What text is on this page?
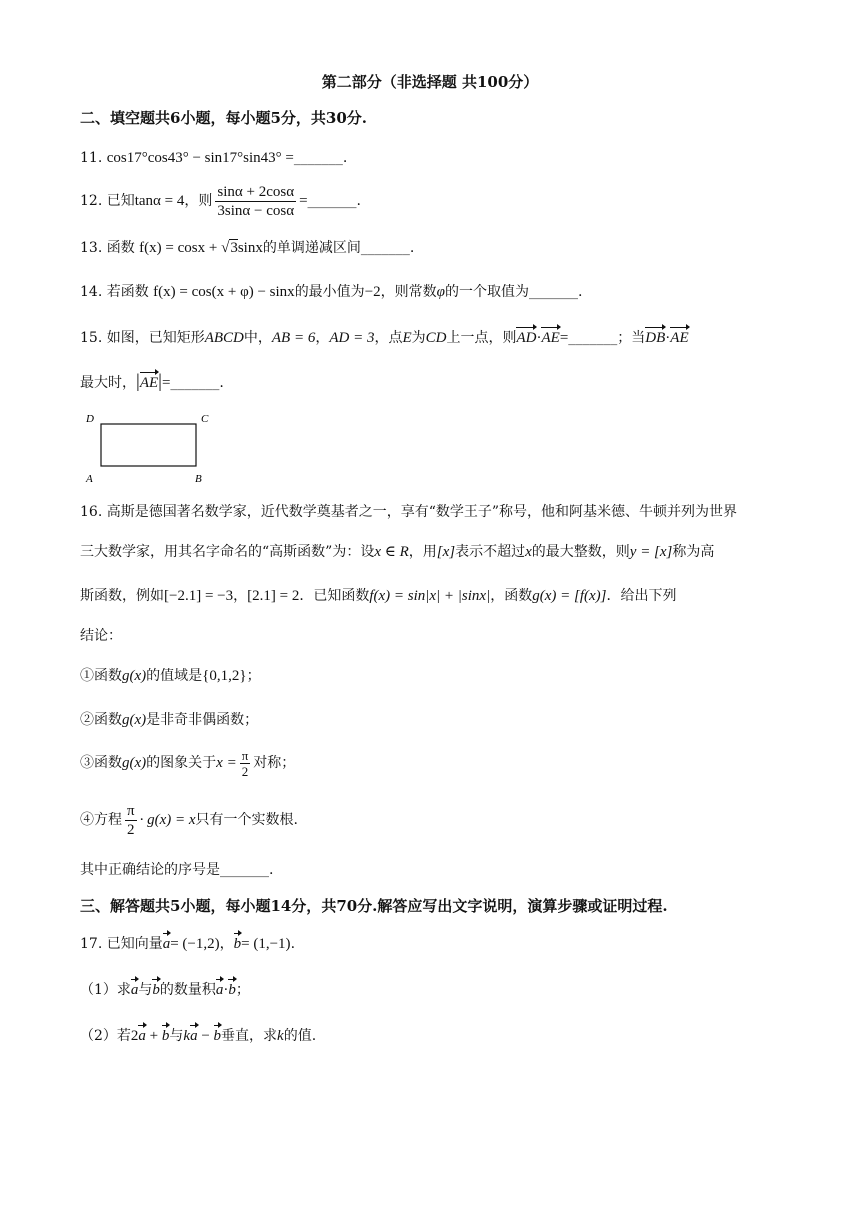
第二部分（非选择题 共100分）
二、填空题共6小题，每小题5分，共30分.
11. cos17°cos43° − sin17°sin43° =_______.
12. 已知tanα = 4，则 $\frac{\sin\alpha + 2\cos\alpha}{3\sin\alpha - \cos\alpha}$ =_______.
13. 函数 f(x) = cosx + √3sinx的单调递减区间_______.
14. 若函数 f(x) = cos(x + φ) − sinx的最小值为−2，则常数φ的一个取值为_______.
15. 如图，已知矩形ABCD中，AB = 6，AD = 3，点E为CD上一点，则AD·AE=_______；当DB·AE
最大时，|AE|=_______.
D	C
A	B
16. 高斯是德国著名数学家，近代数学奠基者之一，享有“数学王子”称号，他和阿基米德、牛顿并列为世界
三大数学家，用其名字命名的“高斯函数”为：设x ∈ R，用[x]表示不超过x的最大整数，则y = [x]称为高
斯函数，例如[−2.1] = −3，[2.1] = 2．已知函数f(x) = sin|x| + |sinx|，函数g(x) = [f(x)]．给出下列
结论：
①函数g(x)的值域是{0,1,2}；
②函数g(x)是非奇非偶函数；
③函数g(x)的图象关于$x = \frac{\pi}{2}$ 对称；
④方程 $\frac{\pi}{2} \cdot g(x) = x$只有一个实数根.
其中正确结论的序号是_______.
三、解答题共5小题，每小题14分，共70分.解答应写出文字说明，演算步骤或证明过程.
17. 已知向量a= (−1,2)，b= (1,−1).
（1）求a与b的数量积a·b；
（2）若2a + b与ka − b垂直，求k的值.
